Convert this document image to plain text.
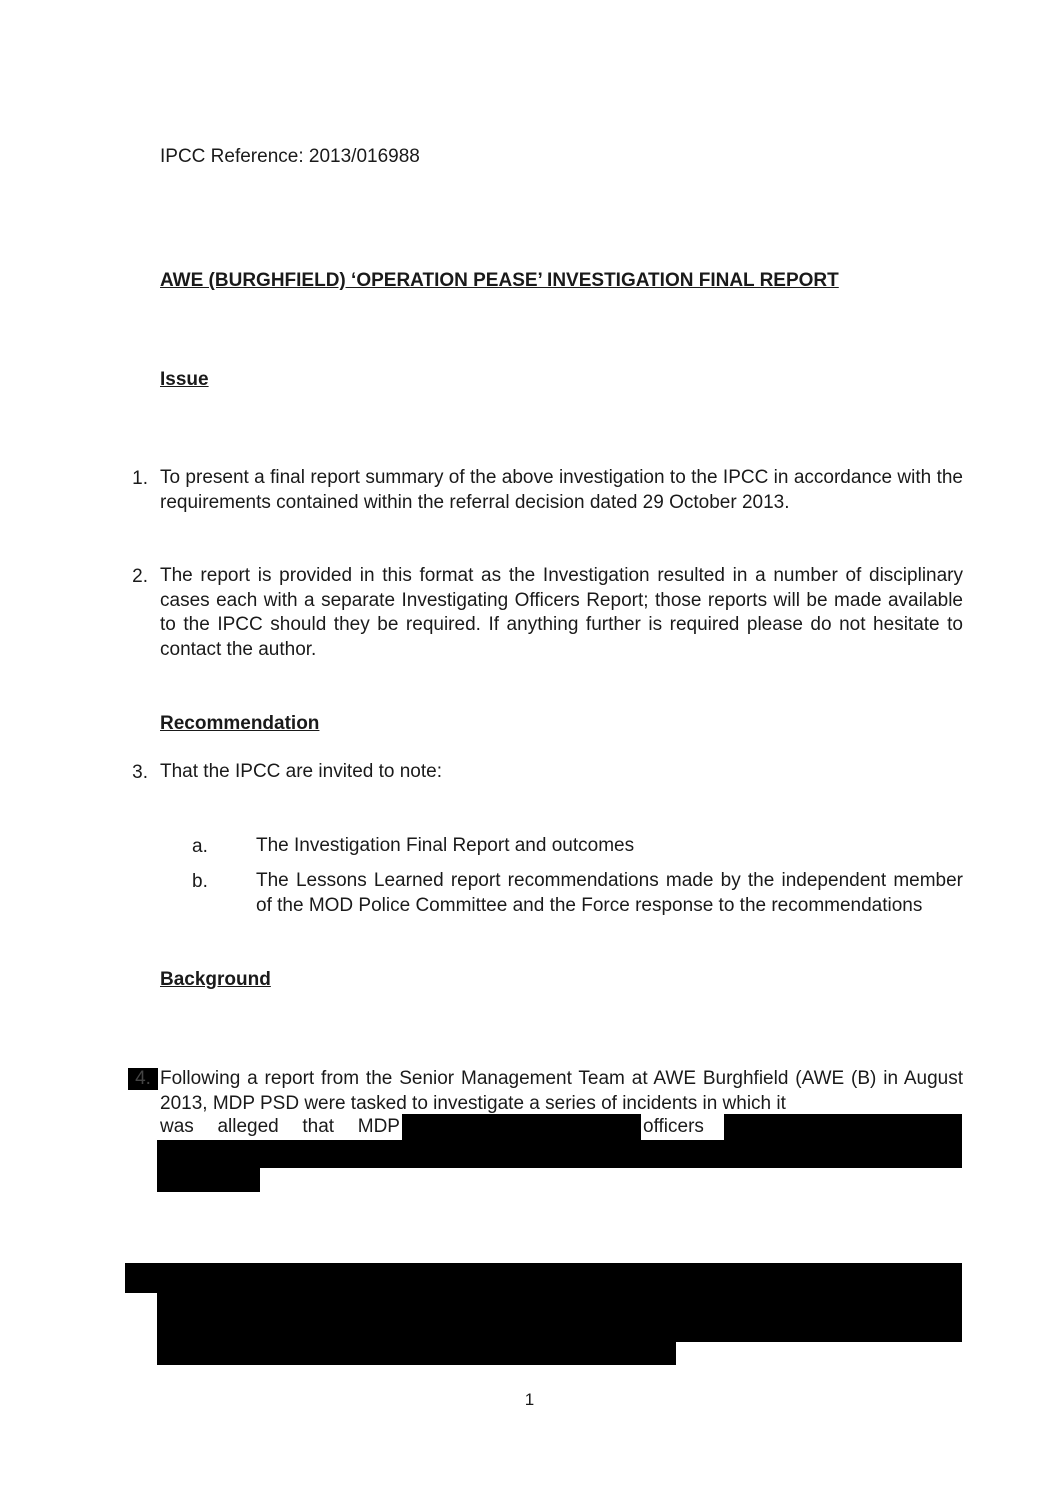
IPCC Reference: 2013/016988
AWE (BURGHFIELD) ‘OPERATION PEASE’ INVESTIGATION FINAL REPORT
Issue
1. To present a final report summary of the above investigation to the IPCC in accordance with the requirements contained within the referral decision dated 29 October 2013.
2. The report is provided in this format as the Investigation resulted in a number of disciplinary cases each with a separate Investigating Officers Report; those reports will be made available to the IPCC should they be required. If anything further is required please do not hesitate to contact the author.
Recommendation
3. That the IPCC are invited to note:
a.	The Investigation Final Report and outcomes
b.	The Lessons Learned report recommendations made by the independent member of the MOD Police Committee and the Force response to the recommendations
Background
4. Following a report from the Senior Management Team at AWE Burghfield (AWE (B) in August 2013, MDP PSD were tasked to investigate a series of incidents in which it
was alleged that MDP	officers
1
